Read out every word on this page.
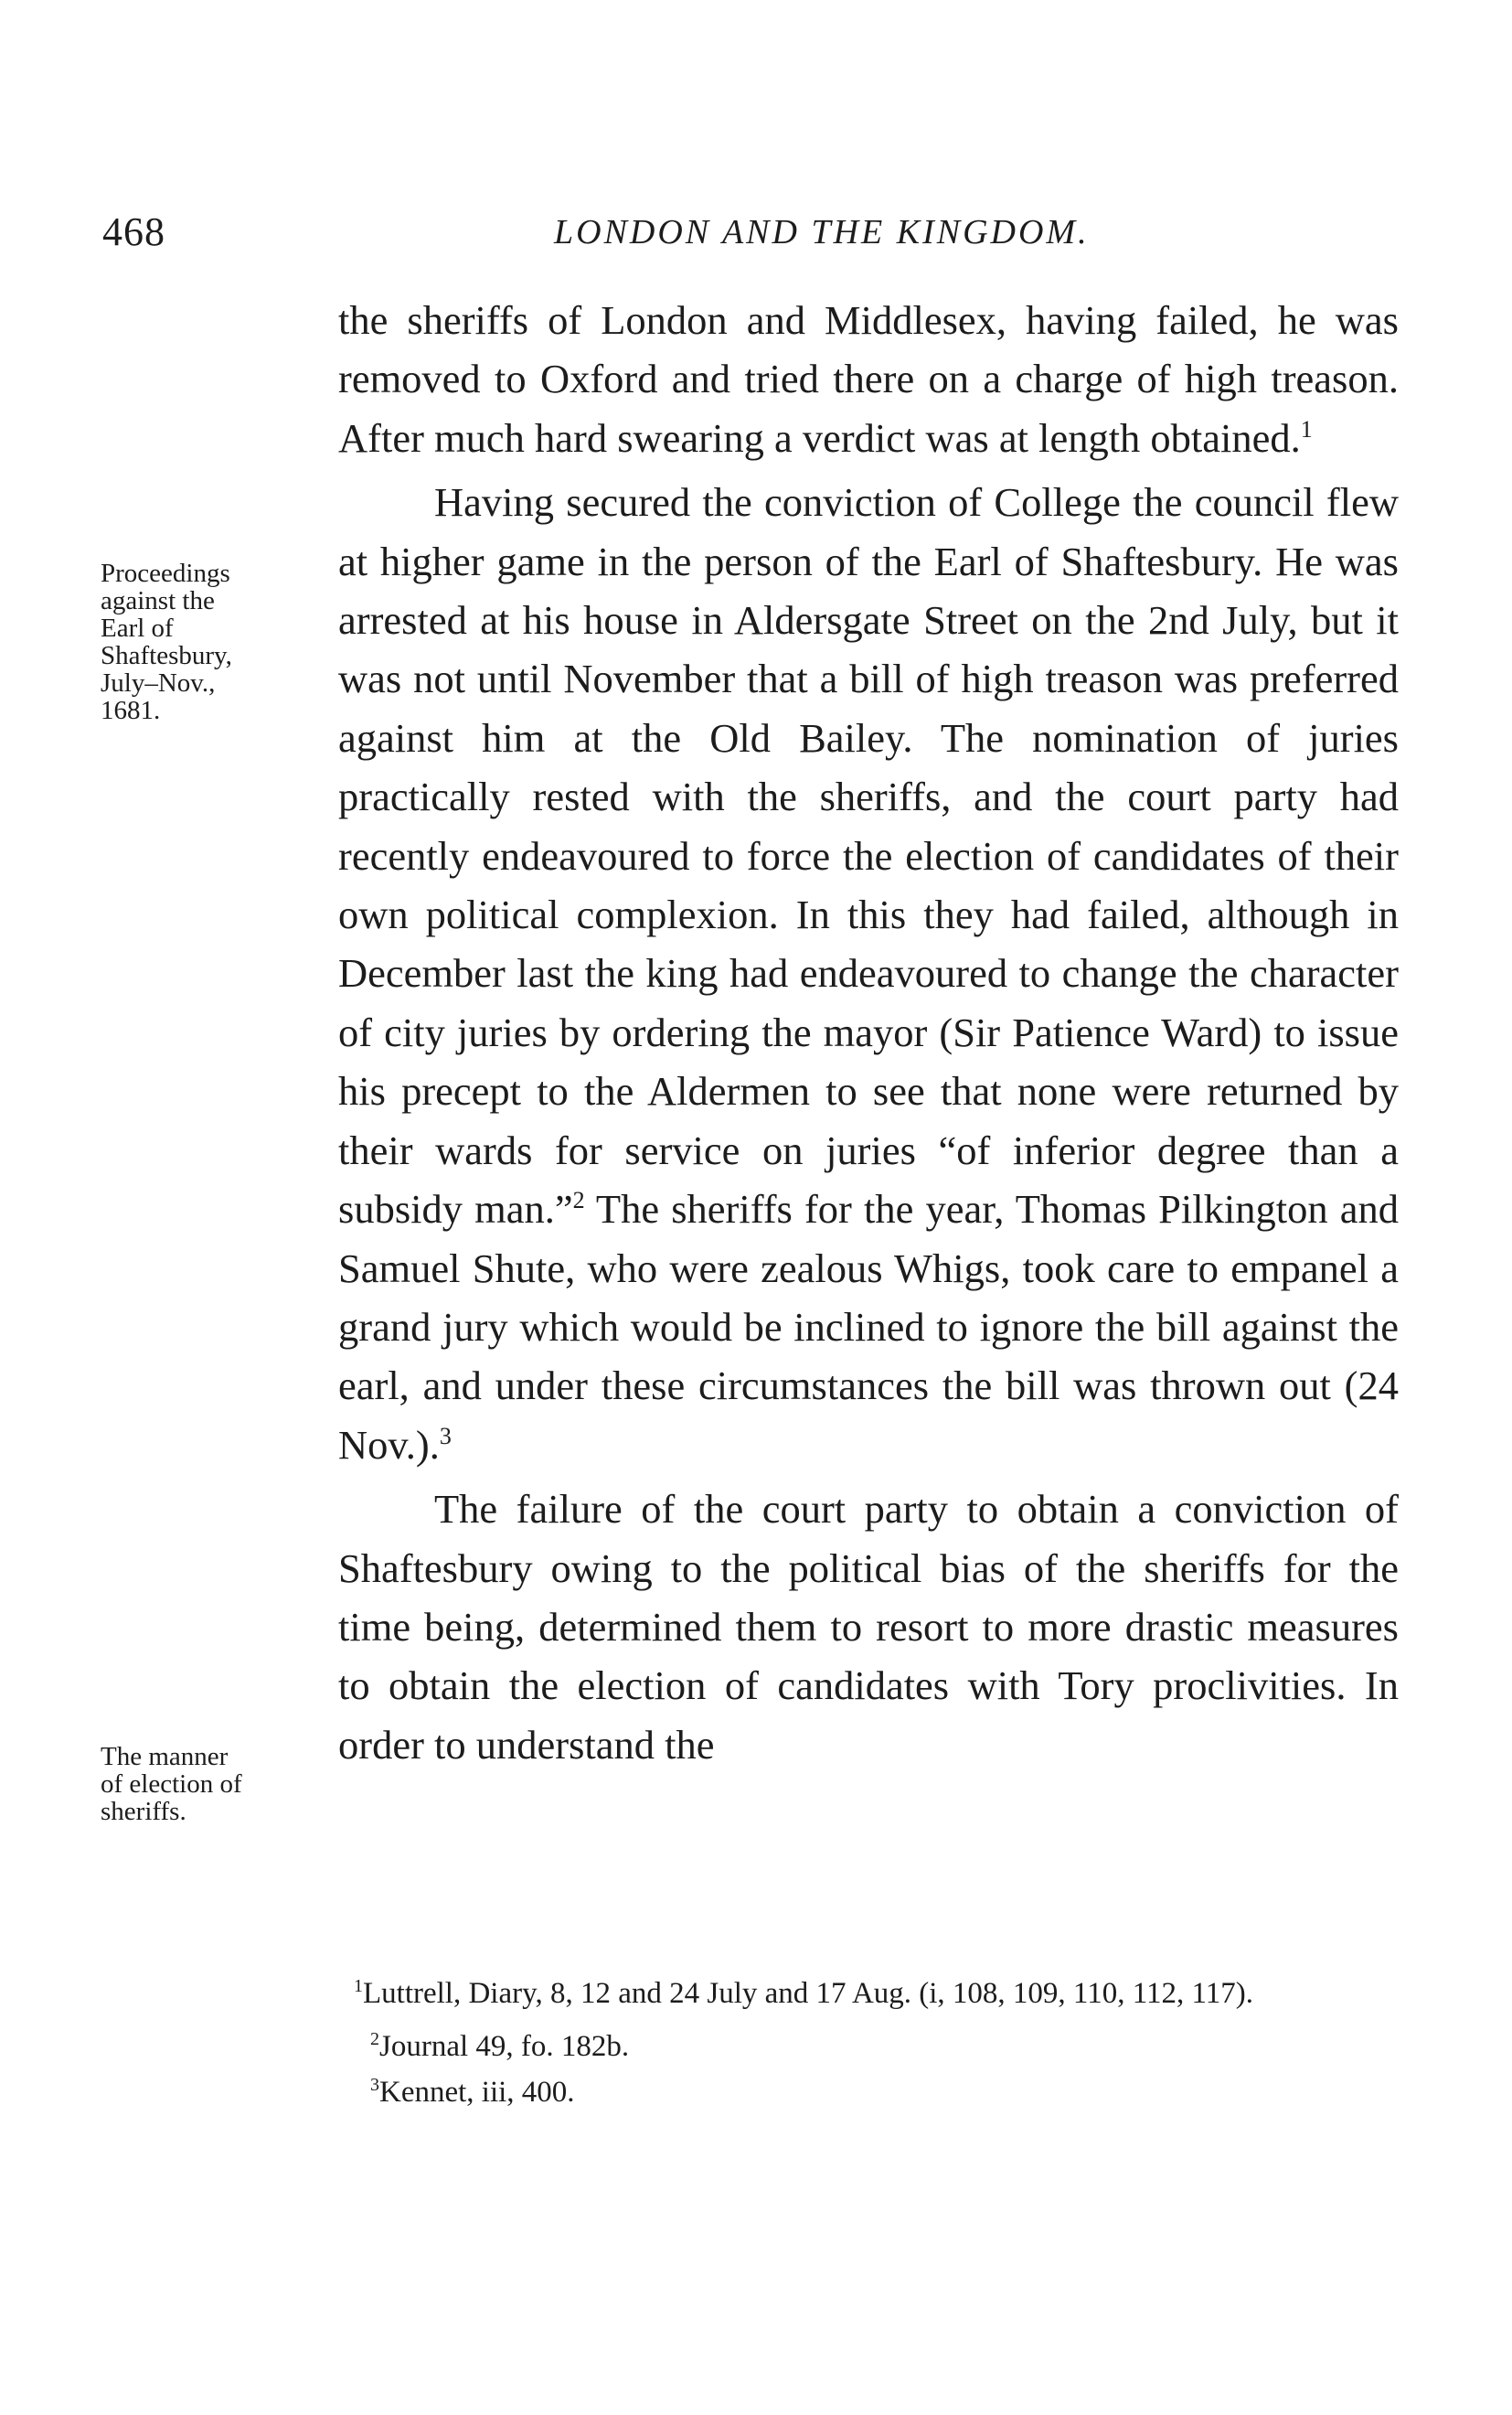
468	LONDON AND THE KINGDOM.
Proceedings
against the
Earl of
Shaftesbury,
July–Nov.,
1681.
The manner
of election of
sheriffs.

the sheriffs of London and Middlesex, having failed, he was removed to Oxford and tried there on a charge of high treason. After much hard swearing a verdict was at length obtained.$^1$

Having secured the conviction of College the council flew at higher game in the person of the Earl of Shaftesbury. He was arrested at his house in Aldersgate Street on the 2nd July, but it was not until November that a bill of high treason was preferred against him at the Old Bailey. The nomination of juries practically rested with the sheriffs, and the court party had recently endeavoured to force the election of candidates of their own political complexion. In this they had failed, although in December last the king had endeavoured to change the character of city juries by ordering the mayor (Sir Patience Ward) to issue his precept to the Aldermen to see that none were returned by their wards for service on juries “of inferior degree than a subsidy man.”$^2$ The sheriffs for the year, Thomas Pilkington and Samuel Shute, who were zealous Whigs, took care to empanel a grand jury which would be inclined to ignore the bill against the earl, and under these circumstances the bill was thrown out (24 Nov.).$^3$

The failure of the court party to obtain a conviction of Shaftesbury owing to the political bias of the sheriffs for the time being, determined them to resort to more drastic measures to obtain the election of candidates with Tory proclivities. In order to understand the

$^1$Luttrell, Diary, 8, 12 and 24 July and 17 Aug. (i, 108, 109, 110, 112, 117).

$^2$Journal 49, fo. 182b.

$^3$Kennet, iii, 400.
